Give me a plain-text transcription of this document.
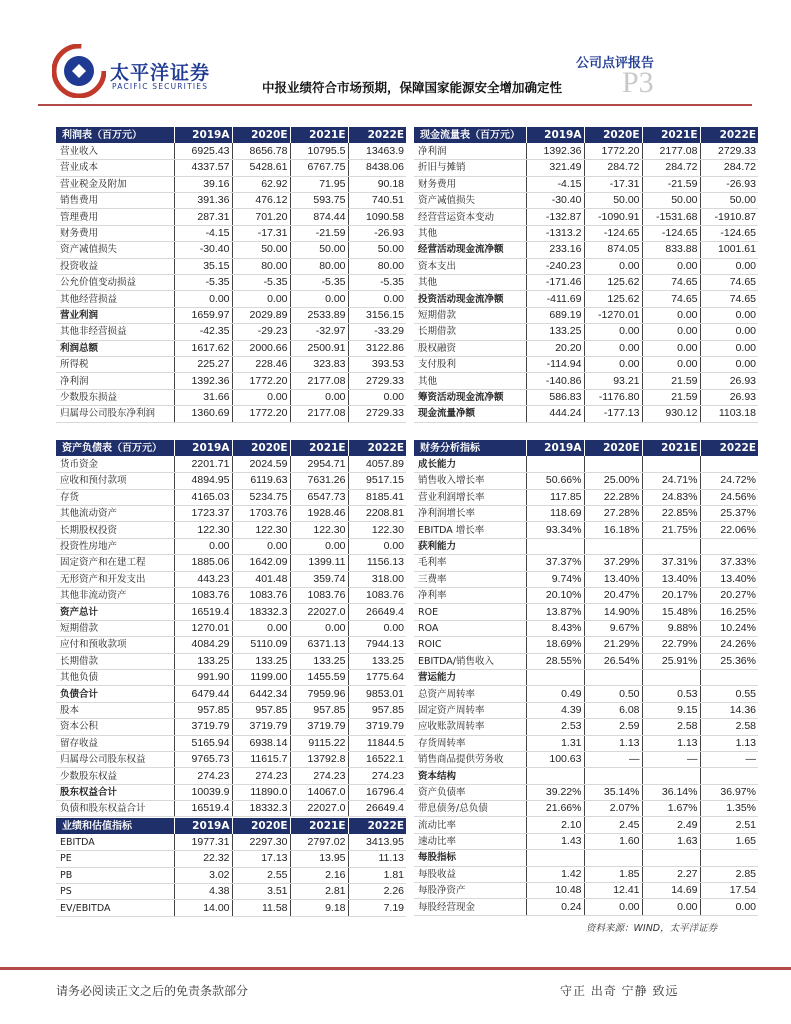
太平洋证券
PACIFIC SECURITIES
公司点评报告
中报业绩符合市场预期，保障国家能源安全增加确定性 P3
利润表（百万元）	2019A	2020E	2021E	2022E
营业收入	6925.43	8656.78	10795.5	13463.9
营业成本	4337.57	5428.61	6767.75	8438.06
营业税金及附加	39.16	62.92	71.95	90.18
销售费用	391.36	476.12	593.75	740.51
管理费用	287.31	701.20	874.44	1090.58
财务费用	-4.15	-17.31	-21.59	-26.93
资产减值损失	-30.40	50.00	50.00	50.00
投资收益	35.15	80.00	80.00	80.00
公允价值变动损益	-5.35	-5.35	-5.35	-5.35
其他经营损益	0.00	0.00	0.00	0.00
营业利润	1659.97	2029.89	2533.89	3156.15
其他非经营损益	-42.35	-29.23	-32.97	-33.29
利润总额	1617.62	2000.66	2500.91	3122.86
所得税	225.27	228.46	323.83	393.53
净利润	1392.36	1772.20	2177.08	2729.33
少数股东损益	31.66	0.00	0.00	0.00
归属母公司股东净利润	1360.69	1772.20	2177.08	2729.33
现金流量表（百万元）	2019A	2020E	2021E	2022E
净利润	1392.36	1772.20	2177.08	2729.33
折旧与摊销	321.49	284.72	284.72	284.72
财务费用	-4.15	-17.31	-21.59	-26.93
资产减值损失	-30.40	50.00	50.00	50.00
经营营运资本变动	-132.87	-1090.91	-1531.68	-1910.87
其他	-1313.2	-124.65	-124.65	-124.65
经营活动现金流净额	233.16	874.05	833.88	1001.61
资本支出	-240.23	0.00	0.00	0.00
其他	-171.46	125.62	74.65	74.65
投资活动现金流净额	-411.69	125.62	74.65	74.65
短期借款	689.19	-1270.01	0.00	0.00
长期借款	133.25	0.00	0.00	0.00
股权融资	20.20	0.00	0.00	0.00
支付股利	-114.94	0.00	0.00	0.00
其他	-140.86	93.21	21.59	26.93
筹资活动现金流净额	586.83	-1176.80	21.59	26.93
现金流量净额	444.24	-177.13	930.12	1103.18
资产负债表（百万元）	2019A	2020E	2021E	2022E
货币资金	2201.71	2024.59	2954.71	4057.89
应收和预付款项	4894.95	6119.63	7631.26	9517.15
存货	4165.03	5234.75	6547.73	8185.41
其他流动资产	1723.37	1703.76	1928.46	2208.81
长期股权投资	122.30	122.30	122.30	122.30
投资性房地产	0.00	0.00	0.00	0.00
固定资产和在建工程	1885.06	1642.09	1399.11	1156.13
无形资产和开发支出	443.23	401.48	359.74	318.00
其他非流动资产	1083.76	1083.76	1083.76	1083.76
资产总计	16519.4	18332.3	22027.0	26649.4
短期借款	1270.01	0.00	0.00	0.00
应付和预收款项	4084.29	5110.09	6371.13	7944.13
长期借款	133.25	133.25	133.25	133.25
其他负债	991.90	1199.00	1455.59	1775.64
负债合计	6479.44	6442.34	7959.96	9853.01
股本	957.85	957.85	957.85	957.85
资本公积	3719.79	3719.79	3719.79	3719.79
留存收益	5165.94	6938.14	9115.22	11844.5
归属母公司股东权益	9765.73	11615.7	13792.8	16522.1
少数股东权益	274.23	274.23	274.23	274.23
股东权益合计	10039.9	11890.0	14067.0	16796.4
负债和股东权益合计	16519.4	18332.3	22027.0	26649.4
业绩和估值指标	2019A	2020E	2021E	2022E
EBITDA	1977.31	2297.30	2797.02	3413.95
PE	22.32	17.13	13.95	11.13
PB	3.02	2.55	2.16	1.81
PS	4.38	3.51	2.81	2.26
EV/EBITDA	14.00	11.58	9.18	7.19
财务分析指标	2019A	2020E	2021E	2022E
成长能力				
销售收入增长率	50.66%	25.00%	24.71%	24.72%
营业利润增长率	117.85	22.28%	24.83%	24.56%
净利润增长率	118.69	27.28%	22.85%	25.37%
EBITDA 增长率	93.34%	16.18%	21.75%	22.06%
获利能力				
毛利率	37.37%	37.29%	37.31%	37.33%
三费率	9.74%	13.40%	13.40%	13.40%
净利率	20.10%	20.47%	20.17%	20.27%
ROE	13.87%	14.90%	15.48%	16.25%
ROA	8.43%	9.67%	9.88%	10.24%
ROIC	18.69%	21.29%	22.79%	24.26%
EBITDA/销售收入	28.55%	26.54%	25.91%	25.36%
营运能力				
总资产周转率	0.49	0.50	0.53	0.55
固定资产周转率	4.39	6.08	9.15	14.36
应收账款周转率	2.53	2.59	2.58	2.58
存货周转率	1.31	1.13	1.13	1.13
销售商品提供劳务收	100.63	—	—	—
资本结构				
资产负债率	39.22%	35.14%	36.14%	36.97%
带息债务/总负债	21.66%	2.07%	1.67%	1.35%
流动比率	2.10	2.45	2.49	2.51
速动比率	1.43	1.60	1.63	1.65
每股指标				
每股收益	1.42	1.85	2.27	2.85
每股净资产	10.48	12.41	14.69	17.54
每股经营现金	0.24	0.00	0.00	0.00
资料来源：WIND，太平洋证券
请务必阅读正文之后的免责条款部分	守正 出奇 宁静 致远
